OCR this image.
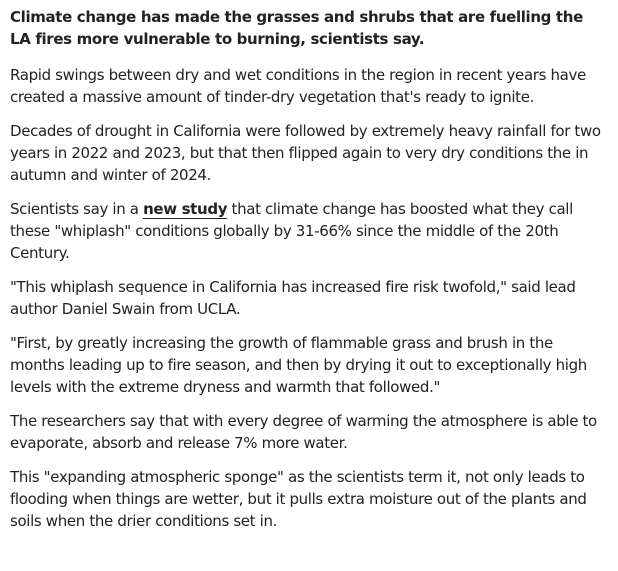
Climate change has made the grasses and shrubs that are fuelling the LA fires more vulnerable to burning, scientists say.

Rapid swings between dry and wet conditions in the region in recent years have created a massive amount of tinder-dry vegetation that's ready to ignite.

Decades of drought in California were followed by extremely heavy rainfall for two years in 2022 and 2023, but that then flipped again to very dry conditions the in autumn and winter of 2024.

Scientists say in a new study that climate change has boosted what they call these "whiplash" conditions globally by 31-66% since the middle of the 20th Century.

"This whiplash sequence in California has increased fire risk twofold," said lead author Daniel Swain from UCLA.

"First, by greatly increasing the growth of flammable grass and brush in the months leading up to fire season, and then by drying it out to exceptionally high levels with the extreme dryness and warmth that followed."

The researchers say that with every degree of warming the atmosphere is able to evaporate, absorb and release 7% more water.

This "expanding atmospheric sponge" as the scientists term it, not only leads to flooding when things are wetter, but it pulls extra moisture out of the plants and soils when the drier conditions set in.
